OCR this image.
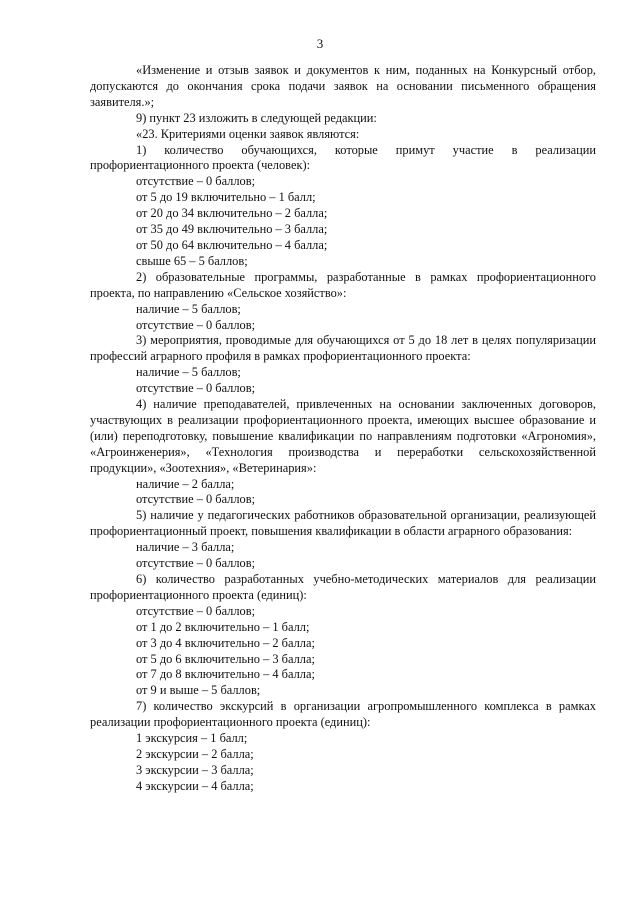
3

«Изменение и отзыв заявок и документов к ним, поданных на Конкурсный отбор, допускаются до окончания срока подачи заявок на основании письменного обращения заявителя.»;

9) пункт 23 изложить в следующей редакции:

«23. Критериями оценки заявок являются:

1) количество обучающихся, которые примут участие в реализации профориентационного проекта (человек):

отсутствие – 0 баллов;

от 5 до 19 включительно – 1 балл;

от 20 до 34 включительно – 2 балла;

от 35 до 49 включительно – 3 балла;

от 50 до 64 включительно – 4 балла;

свыше 65 – 5 баллов;

2) образовательные программы, разработанные в рамках профориентационного проекта, по направлению «Сельское хозяйство»:

наличие – 5 баллов;

отсутствие – 0 баллов;

3) мероприятия, проводимые для обучающихся от 5 до 18 лет в целях популяризации профессий аграрного профиля в рамках профориентационного проекта:

наличие – 5 баллов;

отсутствие – 0 баллов;

4) наличие преподавателей, привлеченных на основании заключенных договоров, участвующих в реализации профориентационного проекта, имеющих высшее образование и (или) переподготовку, повышение квалификации по направлениям подготовки «Агрономия», «Агроинженерия», «Технология производства и переработки сельскохозяйственной продукции», «Зоотехния», «Ветеринария»:

наличие – 2 балла;

отсутствие – 0 баллов;

5) наличие у педагогических работников образовательной организации, реализующей профориентационный проект, повышения квалификации в области аграрного образования:

наличие – 3 балла;

отсутствие – 0 баллов;

6) количество разработанных учебно-методических материалов для реализации профориентационного проекта (единиц):

отсутствие – 0 баллов;

от 1 до 2 включительно – 1 балл;

от 3 до 4 включительно – 2 балла;

от 5 до 6 включительно – 3 балла;

от 7 до 8 включительно – 4 балла;

от 9 и выше – 5 баллов;

7) количество экскурсий в организации агропромышленного комплекса в рамках реализации профориентационного проекта (единиц):

1 экскурсия – 1 балл;

2 экскурсии – 2 балла;

3 экскурсии – 3 балла;

4 экскурсии – 4 балла;
